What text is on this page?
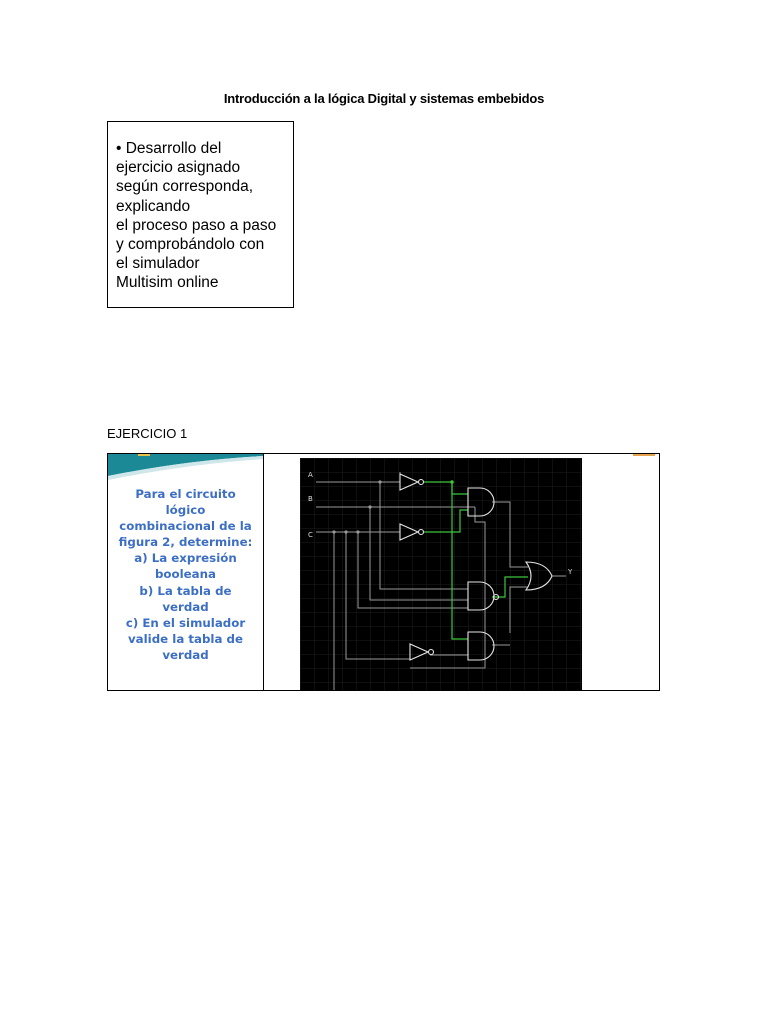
Introducción a la lógica Digital y sistemas embebidos
• Desarrollo del
ejercicio asignado
según corresponda,
explicando
el proceso paso a paso
y comprobándolo con
el simulador
Multisim online
EJERCICIO 1
Para el circuito
lógico
combinacional de la
figura 2, determine:
a) La expresión
booleana
b) La tabla de
verdad
c) En el simulador
valide la tabla de
verdad
A
B
C
Y
